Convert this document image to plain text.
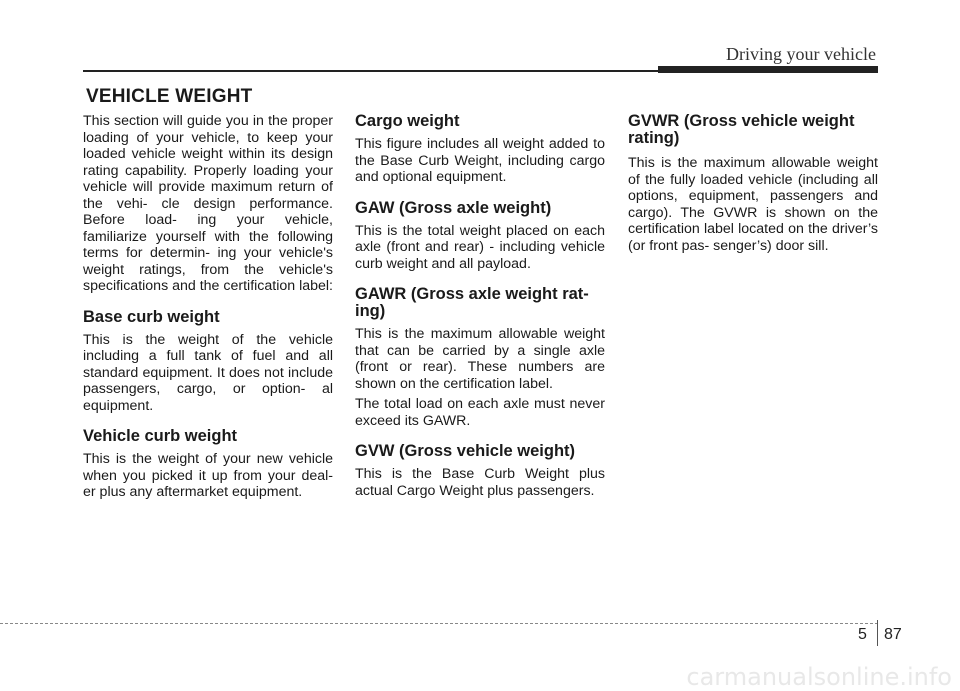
Driving your vehicle
VEHICLE WEIGHT

This section will guide you in the proper loading of your vehicle, to keep your loaded vehicle weight within its design rating capability. Properly loading your vehicle will provide maximum return of the vehi- cle design performance. Before load- ing your vehicle, familiarize yourself with the following terms for determin- ing your vehicle's weight ratings, from the vehicle's specifications and the certification label:

Base curb weight

This is the weight of the vehicle including a full tank of fuel and all standard equipment. It does not include passengers, cargo, or option- al equipment.

Vehicle curb weight

This is the weight of your new vehicle when you picked it up from your deal- er plus any aftermarket equipment.

Cargo weight

This figure includes all weight added to the Base Curb Weight, including cargo and optional equipment.

GAW (Gross axle weight)

This is the total weight placed on each axle (front and rear) - including vehicle curb weight and all payload.

GAWR (Gross axle weight rat- ing)

This is the maximum allowable weight that can be carried by a single axle (front or rear). These numbers are shown on the certification label.

The total load on each axle must never exceed its GAWR.

GVW (Gross vehicle weight)

This is the Base Curb Weight plus actual Cargo Weight plus passengers.

GVWR (Gross vehicle weight rating)

This is the maximum allowable weight of the fully loaded vehicle (including all options, equipment, passengers and cargo). The GVWR is shown on the certification label located on the driver’s (or front pas- senger’s) door sill.

5 87
carmanualsonline.info
